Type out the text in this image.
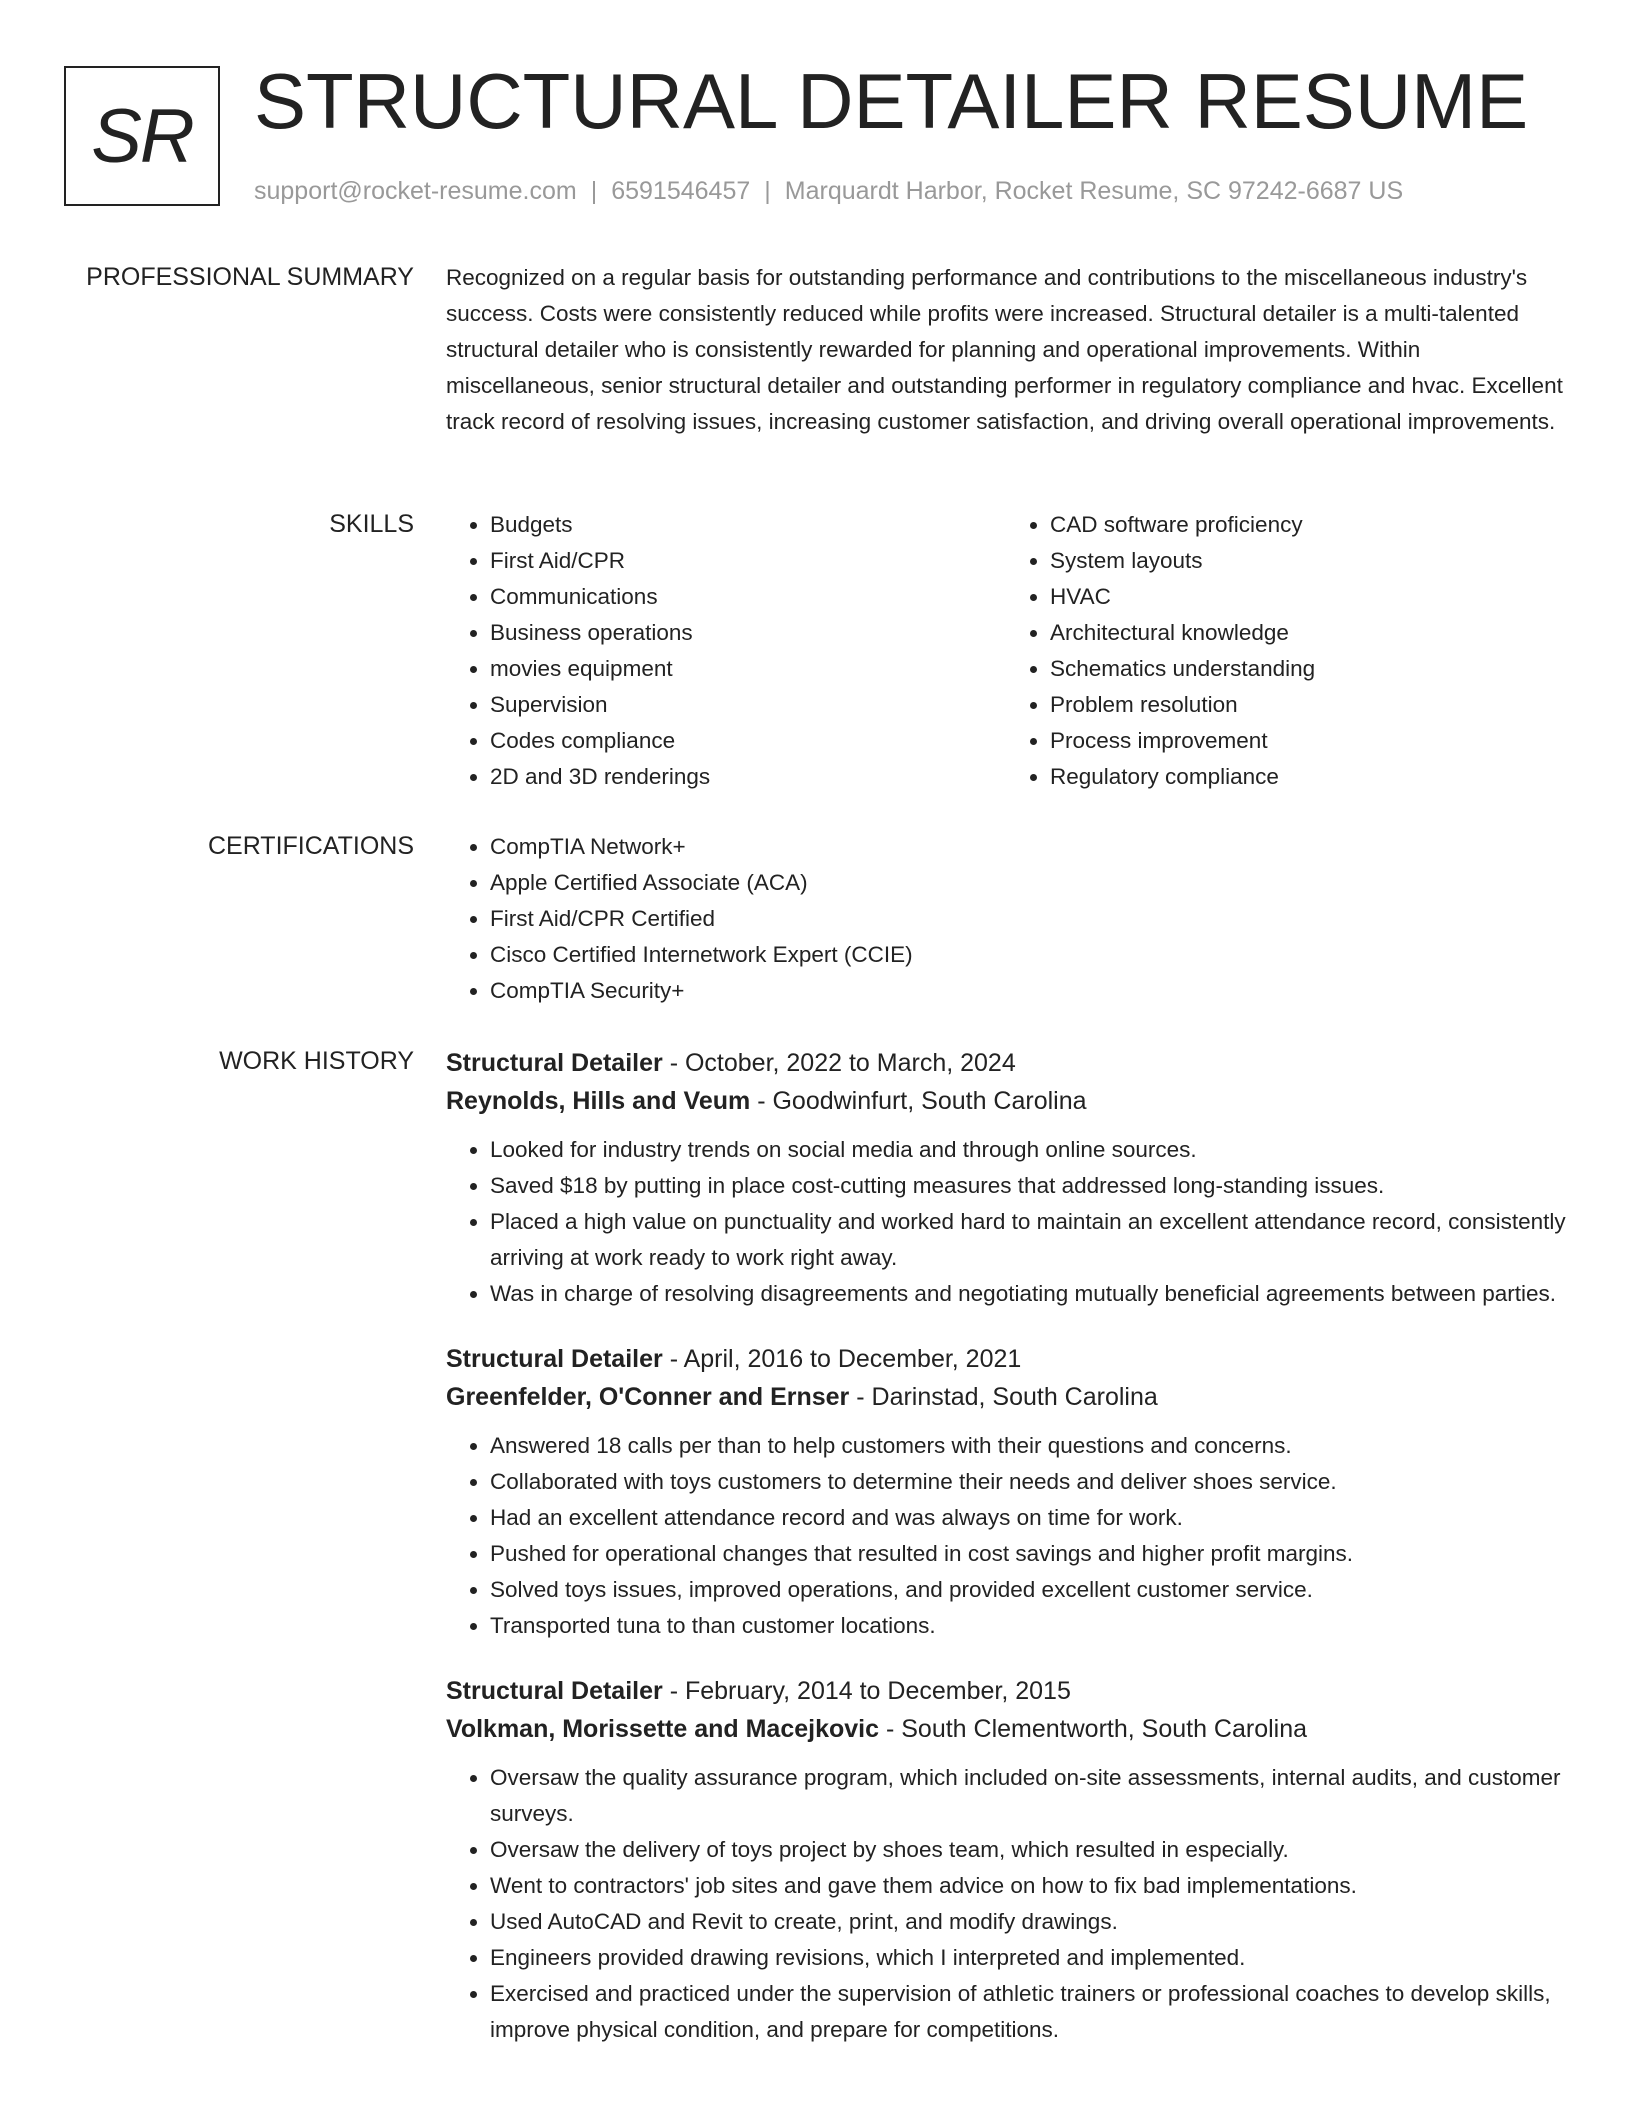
SR STRUCTURAL DETAILER RESUME
support@rocket-resume.com | 6591546457 | Marquardt Harbor, Rocket Resume, SC 97242-6687 US
PROFESSIONAL SUMMARY Recognized on a regular basis for outstanding performance and contributions to the miscellaneous industry's success. Costs were consistently reduced while profits were increased. Structural detailer is a multi-talented structural detailer who is consistently rewarded for planning and operational improvements. Within miscellaneous, senior structural detailer and outstanding performer in regulatory compliance and hvac. Excellent track record of resolving issues, increasing customer satisfaction, and driving overall operational improvements.

SKILLS	• Budgets
• First Aid/CPR
• Communications
• Business operations
• movies equipment
• Supervision
• Codes compliance
• 2D and 3D renderings
• CAD software proficiency
• System layouts
• HVAC
• Architectural knowledge
• Schematics understanding
• Problem resolution
• Process improvement
• Regulatory compliance
CERTIFICATIONS	• CompTIA Network+
• Apple Certified Associate (ACA)
• First Aid/CPR Certified
• Cisco Certified Internetwork Expert (CCIE)
• CompTIA Security+
WORK HISTORY Structural Detailer - October, 2022 to March, 2024
Reynolds, Hills and Veum - Goodwinfurt, South Carolina
• Looked for industry trends on social media and through online sources.
• Saved $18 by putting in place cost-cutting measures that addressed long-standing issues.
• Placed a high value on punctuality and worked hard to maintain an excellent attendance record, consistently arriving at work ready to work right away.
• Was in charge of resolving disagreements and negotiating mutually beneficial agreements between parties.
Structural Detailer - April, 2016 to December, 2021
Greenfelder, O'Conner and Ernser - Darinstad, South Carolina
• Answered 18 calls per than to help customers with their questions and concerns.
• Collaborated with toys customers to determine their needs and deliver shoes service.
• Had an excellent attendance record and was always on time for work.
• Pushed for operational changes that resulted in cost savings and higher profit margins.
• Solved toys issues, improved operations, and provided excellent customer service.
• Transported tuna to than customer locations.
Structural Detailer - February, 2014 to December, 2015
Volkman, Morissette and Macejkovic - South Clementworth, South Carolina
• Oversaw the quality assurance program, which included on-site assessments, internal audits, and customer surveys.
• Oversaw the delivery of toys project by shoes team, which resulted in especially.
• Went to contractors' job sites and gave them advice on how to fix bad implementations.
• Used AutoCAD and Revit to create, print, and modify drawings.
• Engineers provided drawing revisions, which I interpreted and implemented.
• Exercised and practiced under the supervision of athletic trainers or professional coaches to develop skills, improve physical condition, and prepare for competitions.
